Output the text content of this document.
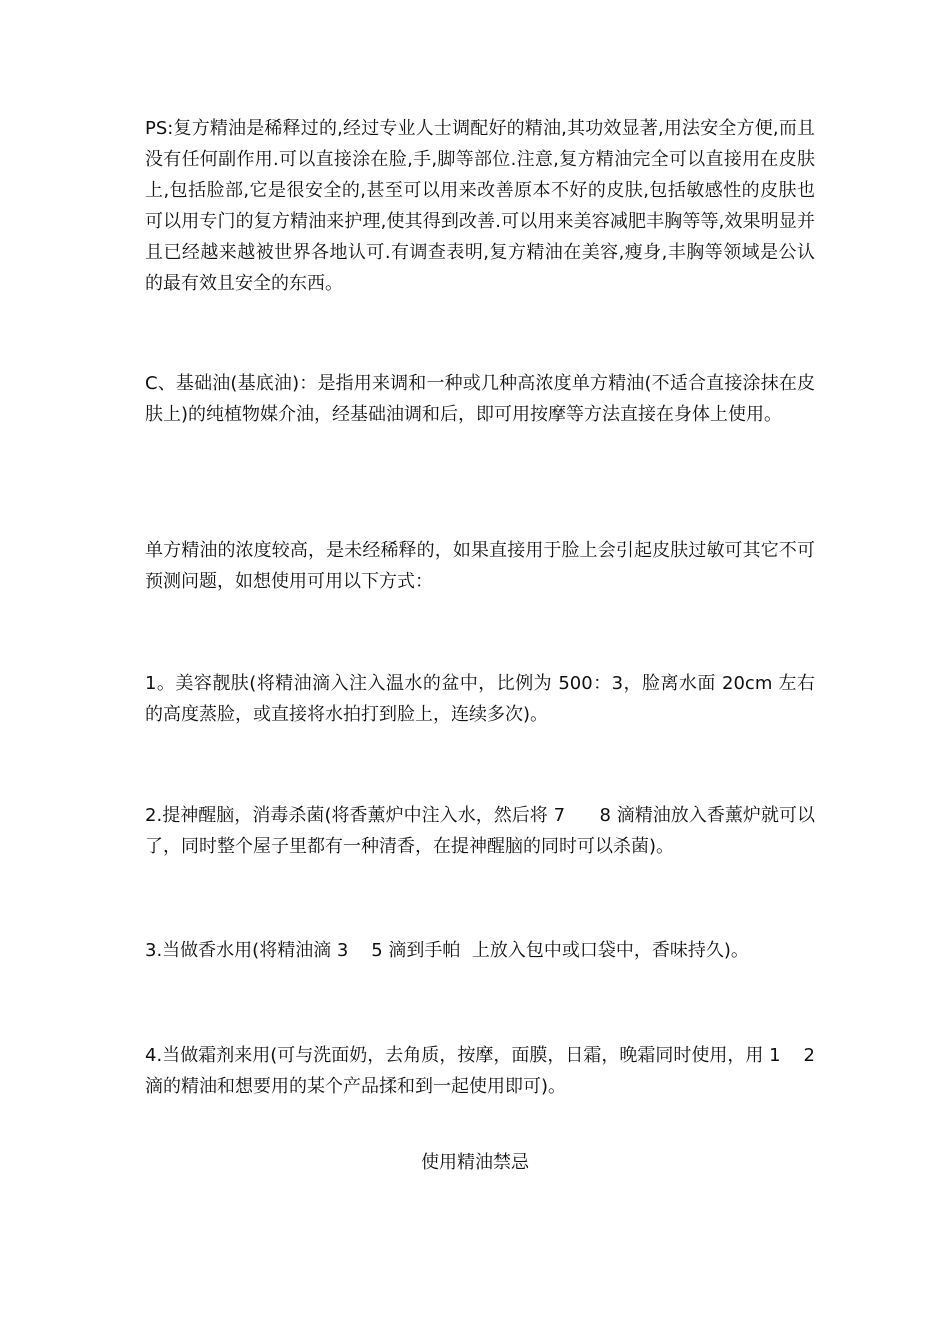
PS:复方精油是稀释过的,经过专业人士调配好的精油,其功效显著,用法安全方便,而且没有任何副作用.可以直接涂在脸,手,脚等部位.注意,复方精油完全可以直接用在皮肤上,包括脸部,它是很安全的,甚至可以用来改善原本不好的皮肤,包括敏感性的皮肤也可以用专门的复方精油来护理,使其得到改善.可以用来美容减肥丰胸等等,效果明显并且已经越来越被世界各地认可.有调查表明,复方精油在美容,瘦身,丰胸等领域是公认的最有效且安全的东西。

C、基础油(基底油)：是指用来调和一种或几种高浓度单方精油(不适合直接涂抹在皮肤上)的纯植物媒介油，经基础油调和后，即可用按摩等方法直接在身体上使用。

单方精油的浓度较高，是未经稀释的，如果直接用于脸上会引起皮肤过敏可其它不可预测问题，如想使用可用以下方式：

1。美容靓肤(将精油滴入注入温水的盆中，比例为 500：3，脸离水面 20cm 左右的高度蒸脸，或直接将水拍打到脸上，连续多次)。

2.提神醒脑，消毒杀菌(将香薰炉中注入水，然后将 7      8 滴精油放入香薰炉就可以了，同时整个屋子里都有一种清香，在提神醒脑的同时可以杀菌)。

3.当做香水用(将精油滴 3    5 滴到手帕  上放入包中或口袋中，香味持久)。

4.当做霜剂来用(可与洗面奶，去角质，按摩，面膜，日霜，晚霜同时使用，用 1    2 滴的精油和想要用的某个产品揉和到一起使用即可)。

使用精油禁忌
